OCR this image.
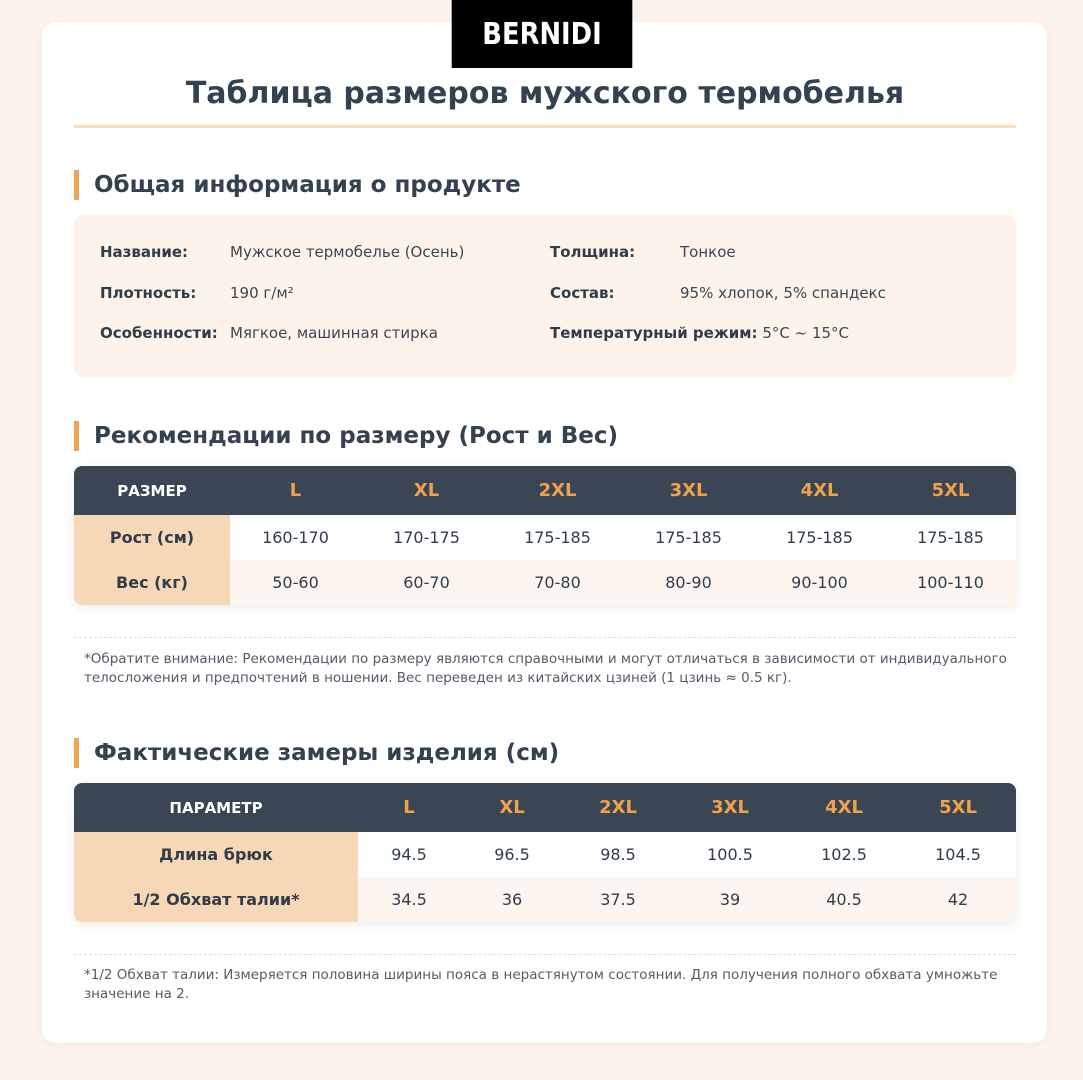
BERNIDI
Таблица размеров мужского термобелья
Общая информация о продукте
Название:	Мужское термобелье (Осень)	Толщина:	Тонкое
Плотность: 190 г/м²	Состав:	95% хлопок, 5% спандекс
Особенности: Мягкое, машинная стирка	Температурный режим: 5°C ~ 15°C
Рекомендации по размеру (Рост и Вес)
РАЗМЕР	L	XL	2XL	3XL	4XL	5XL
Рост (см)	160-170	170-175	175-185	175-185	175-185	175-185
Вес (кг)	50-60	60-70	70-80	80-90	90-100	100-110
*Обратите внимание: Рекомендации по размеру являются справочными и могут отличаться в зависимости от индивидуального телосложения и предпочтений в ношении. Вес переведен из китайских цзиней (1 цзинь ≈ 0.5 кг).
Фактические замеры изделия (см)
ПАРАМЕТР	L	XL	2XL	3XL	4XL	5XL
Длина брюк	94.5	96.5	98.5	100.5	102.5	104.5
1/2 Обхват талии*	34.5	36	37.5	39	40.5	42
*1/2 Обхват талии: Измеряется половина ширины пояса в нерастянутом состоянии. Для получения полного обхвата умножьте значение на 2.
